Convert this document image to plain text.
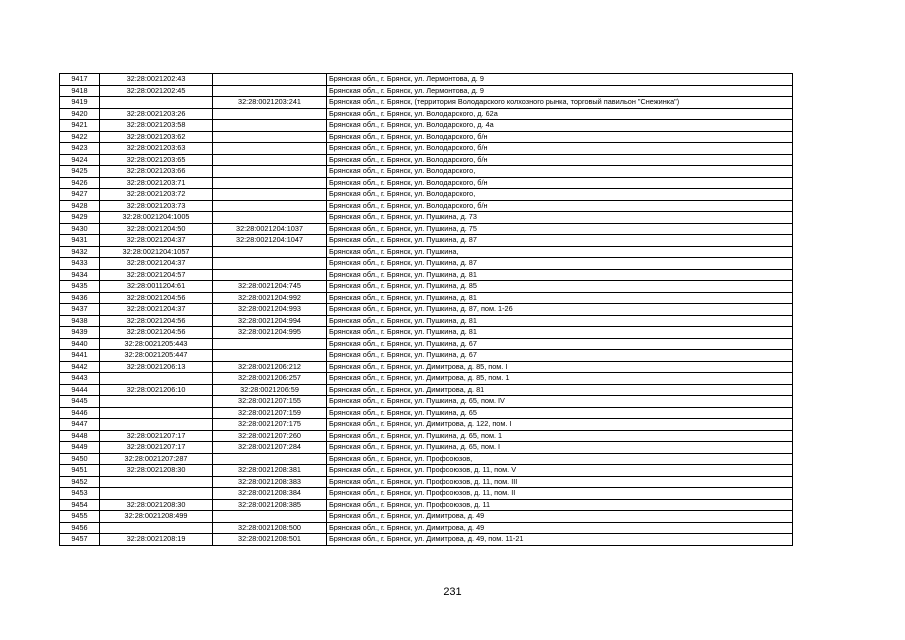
9417	32:28:0021202:43		Брянская обл., г. Брянск, ул. Лермонтова, д. 9
9418	32:28:0021202:45		Брянская обл., г. Брянск, ул. Лермонтова, д. 9
9419		32:28:0021203:241	Брянская обл., г. Брянск, (территория Володарского колхозного рынка, торговый павильон "Снежинка")
9420	32:28:0021203:26		Брянская обл., г. Брянск, ул. Володарского, д. 62а
9421	32:28:0021203:58		Брянская обл., г. Брянск, ул. Володарского, д. 4а
9422	32:28:0021203:62		Брянская обл., г. Брянск, ул. Володарского, б/н
9423	32:28:0021203:63		Брянская обл., г. Брянск, ул. Володарского, б/н
9424	32:28:0021203:65		Брянская обл., г. Брянск, ул. Володарского, б/н
9425	32:28:0021203:66		Брянская обл., г. Брянск, ул. Володарского,
9426	32:28:0021203:71		Брянская обл., г. Брянск, ул. Володарского, б/н
9427	32:28:0021203:72		Брянская обл., г. Брянск, ул. Володарского,
9428	32:28:0021203:73		Брянская обл., г. Брянск, ул. Володарского, б/н
9429	32:28:0021204:1005		Брянская обл., г. Брянск, ул. Пушкина, д. 73
9430	32:28:0021204:50	32:28:0021204:1037	Брянская обл., г. Брянск, ул. Пушкина, д. 75
9431	32:28:0021204:37	32:28:0021204:1047	Брянская обл., г. Брянск, ул. Пушкина, д. 87
9432	32:28:0021204:1057		Брянская обл., г. Брянск, ул. Пушкина,
9433	32:28:0021204:37		Брянская обл., г. Брянск, ул. Пушкина, д. 87
9434	32:28:0021204:57		Брянская обл., г. Брянск, ул. Пушкина, д. 81
9435	32:28:0011204:61	32:28:0021204:745	Брянская обл., г. Брянск, ул. Пушкина, д. 85
9436	32:28:0021204:56	32:28:0021204:992	Брянская обл., г. Брянск, ул. Пушкина, д. 81
9437	32:28:0021204:37	32:28:0021204:993	Брянская обл., г. Брянск, ул. Пушкина, д. 87, пом. 1-26
9438	32:28:0021204:56	32:28:0021204:994	Брянская обл., г. Брянск, ул. Пушкина, д. 81
9439	32:28:0021204:56	32:28:0021204:995	Брянская обл., г. Брянск, ул. Пушкина, д. 81
9440	32:28:0021205:443		Брянская обл., г. Брянск, ул. Пушкина, д. 67
9441	32:28:0021205:447		Брянская обл., г. Брянск, ул. Пушкина, д. 67
9442	32:28:0021206:13	32:28:0021206:212	Брянская обл., г. Брянск, ул. Димитрова, д. 85, пом. I
9443		32:28:0021206:257	Брянская обл., г. Брянск, ул. Димитрова, д. 85, пом. 1
9444	32:28:0021206:10	32:28:0021206:59	Брянская обл., г. Брянск, ул. Димитрова, д. 81
9445		32:28:0021207:155	Брянская обл., г. Брянск, ул. Пушкина, д. 65, пом. IV
9446		32:28:0021207:159	Брянская обл., г. Брянск, ул. Пушкина, д. 65
9447		32:28:0021207:175	Брянская обл., г. Брянск, ул. Димитрова, д. 122, пом. I
9448	32:28:0021207:17	32:28:0021207:260	Брянская обл., г. Брянск, ул. Пушкина, д. 65, пом. 1
9449	32:28:0021207:17	32:28:0021207:284	Брянская обл., г. Брянск, ул. Пушкина, д. 65, пом. I
9450	32:28:0021207:287		Брянская обл., г. Брянск, ул. Профсоюзов,
9451	32:28:0021208:30	32:28:0021208:381	Брянская обл., г. Брянск, ул. Профсоюзов, д. 11, пом. V
9452		32:28:0021208:383	Брянская обл., г. Брянск, ул. Профсоюзов, д. 11, пом. III
9453		32:28:0021208:384	Брянская обл., г. Брянск, ул. Профсоюзов, д. 11, пом. II
9454	32:28:0021208:30	32:28:0021208:385	Брянская обл., г. Брянск, ул. Профсоюзов, д. 11
9455	32:28:0021208:499		Брянская обл., г. Брянск, ул. Димитрова, д. 49
9456		32:28:0021208:500	Брянская обл., г. Брянск, ул. Димитрова, д. 49
9457	32:28:0021208:19	32:28:0021208:501	Брянская обл., г. Брянск, ул. Димитрова, д. 49, пом. 11-21
231
